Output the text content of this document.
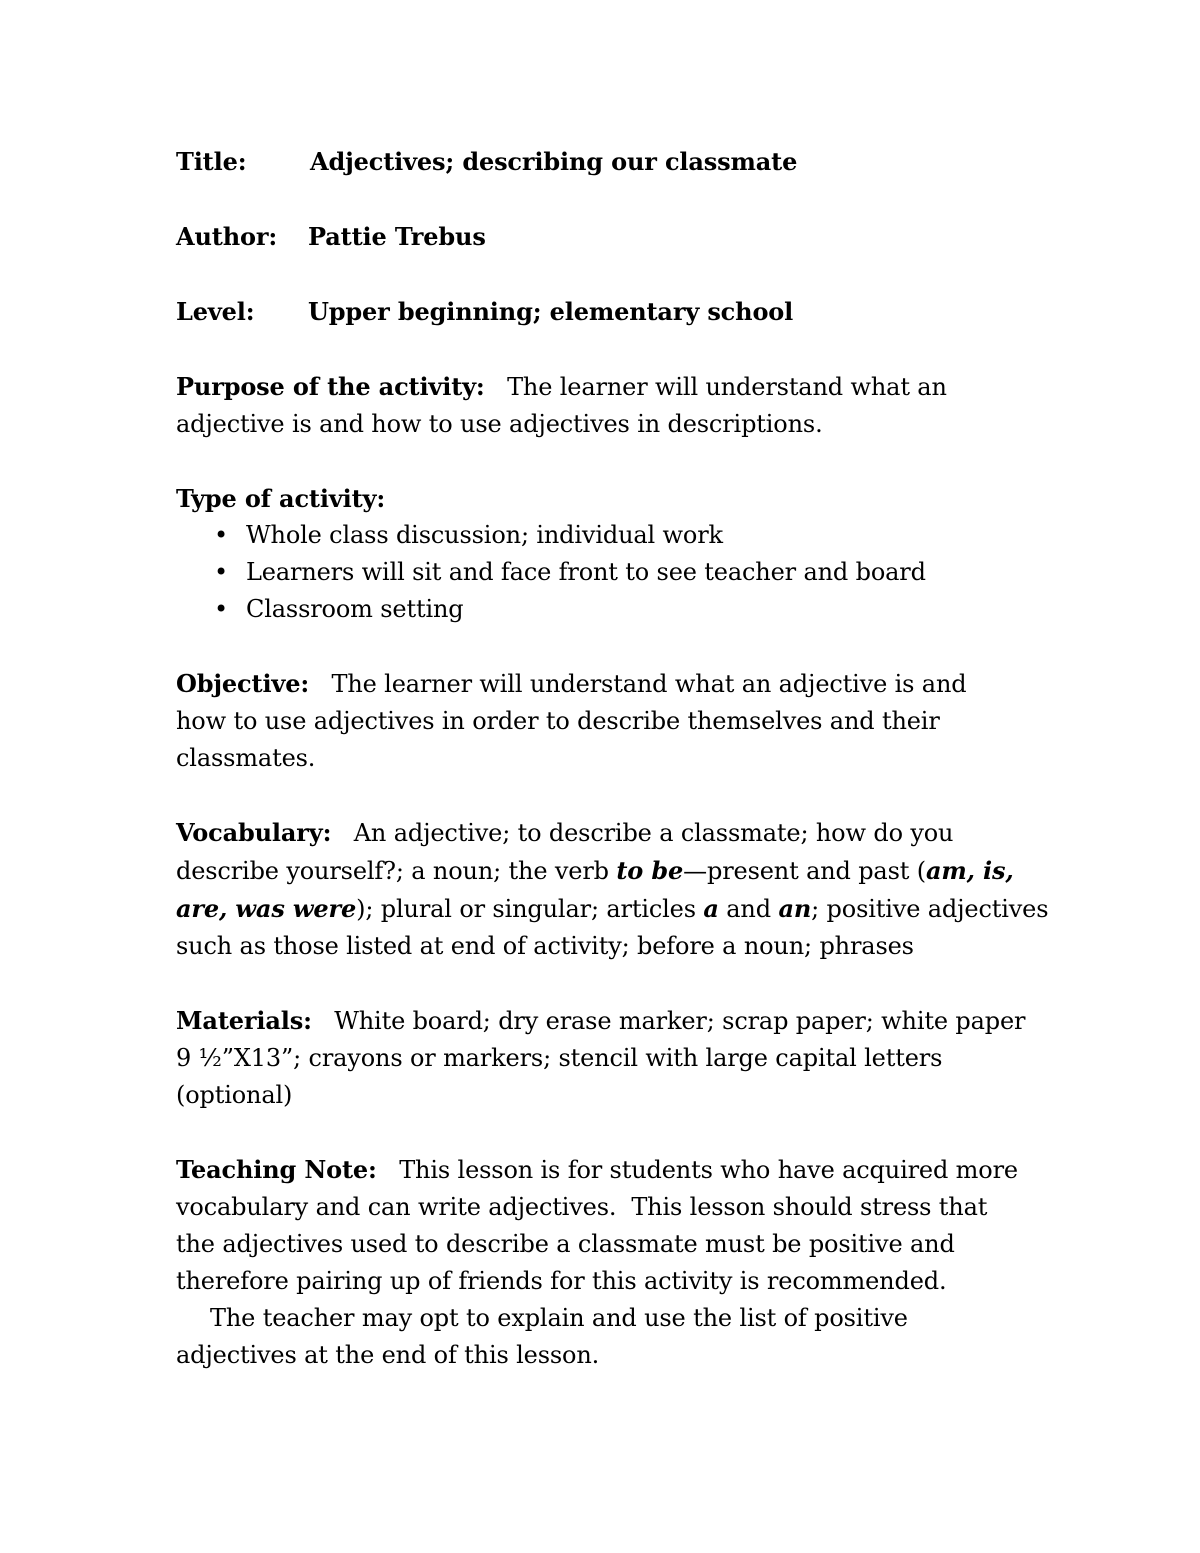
Title:	Adjectives; describing our classmate
Author: Pattie Trebus
Level: Upper beginning; elementary school
Purpose of the activity: The learner will understand what an
adjective is and how to use adjectives in descriptions.
Type of activity:
• Whole class discussion; individual work
• Learners will sit and face front to see teacher and board
• Classroom setting
Objective: The learner will understand what an adjective is and
how to use adjectives in order to describe themselves and their
classmates.
Vocabulary: An adjective; to describe a classmate; how do you
describe yourself?; a noun; the verb to be—present and past (am, is,
are, was were); plural or singular; articles a and an; positive adjectives
such as those listed at end of activity; before a noun; phrases
Materials: White board; dry erase marker; scrap paper; white paper
9 ½”X13”; crayons or markers; stencil with large capital letters
(optional)
Teaching Note: This lesson is for students who have acquired more
vocabulary and can write adjectives.  This lesson should stress that
the adjectives used to describe a classmate must be positive and
therefore pairing up of friends for this activity is recommended.
The teacher may opt to explain and use the list of positive
adjectives at the end of this lesson.
